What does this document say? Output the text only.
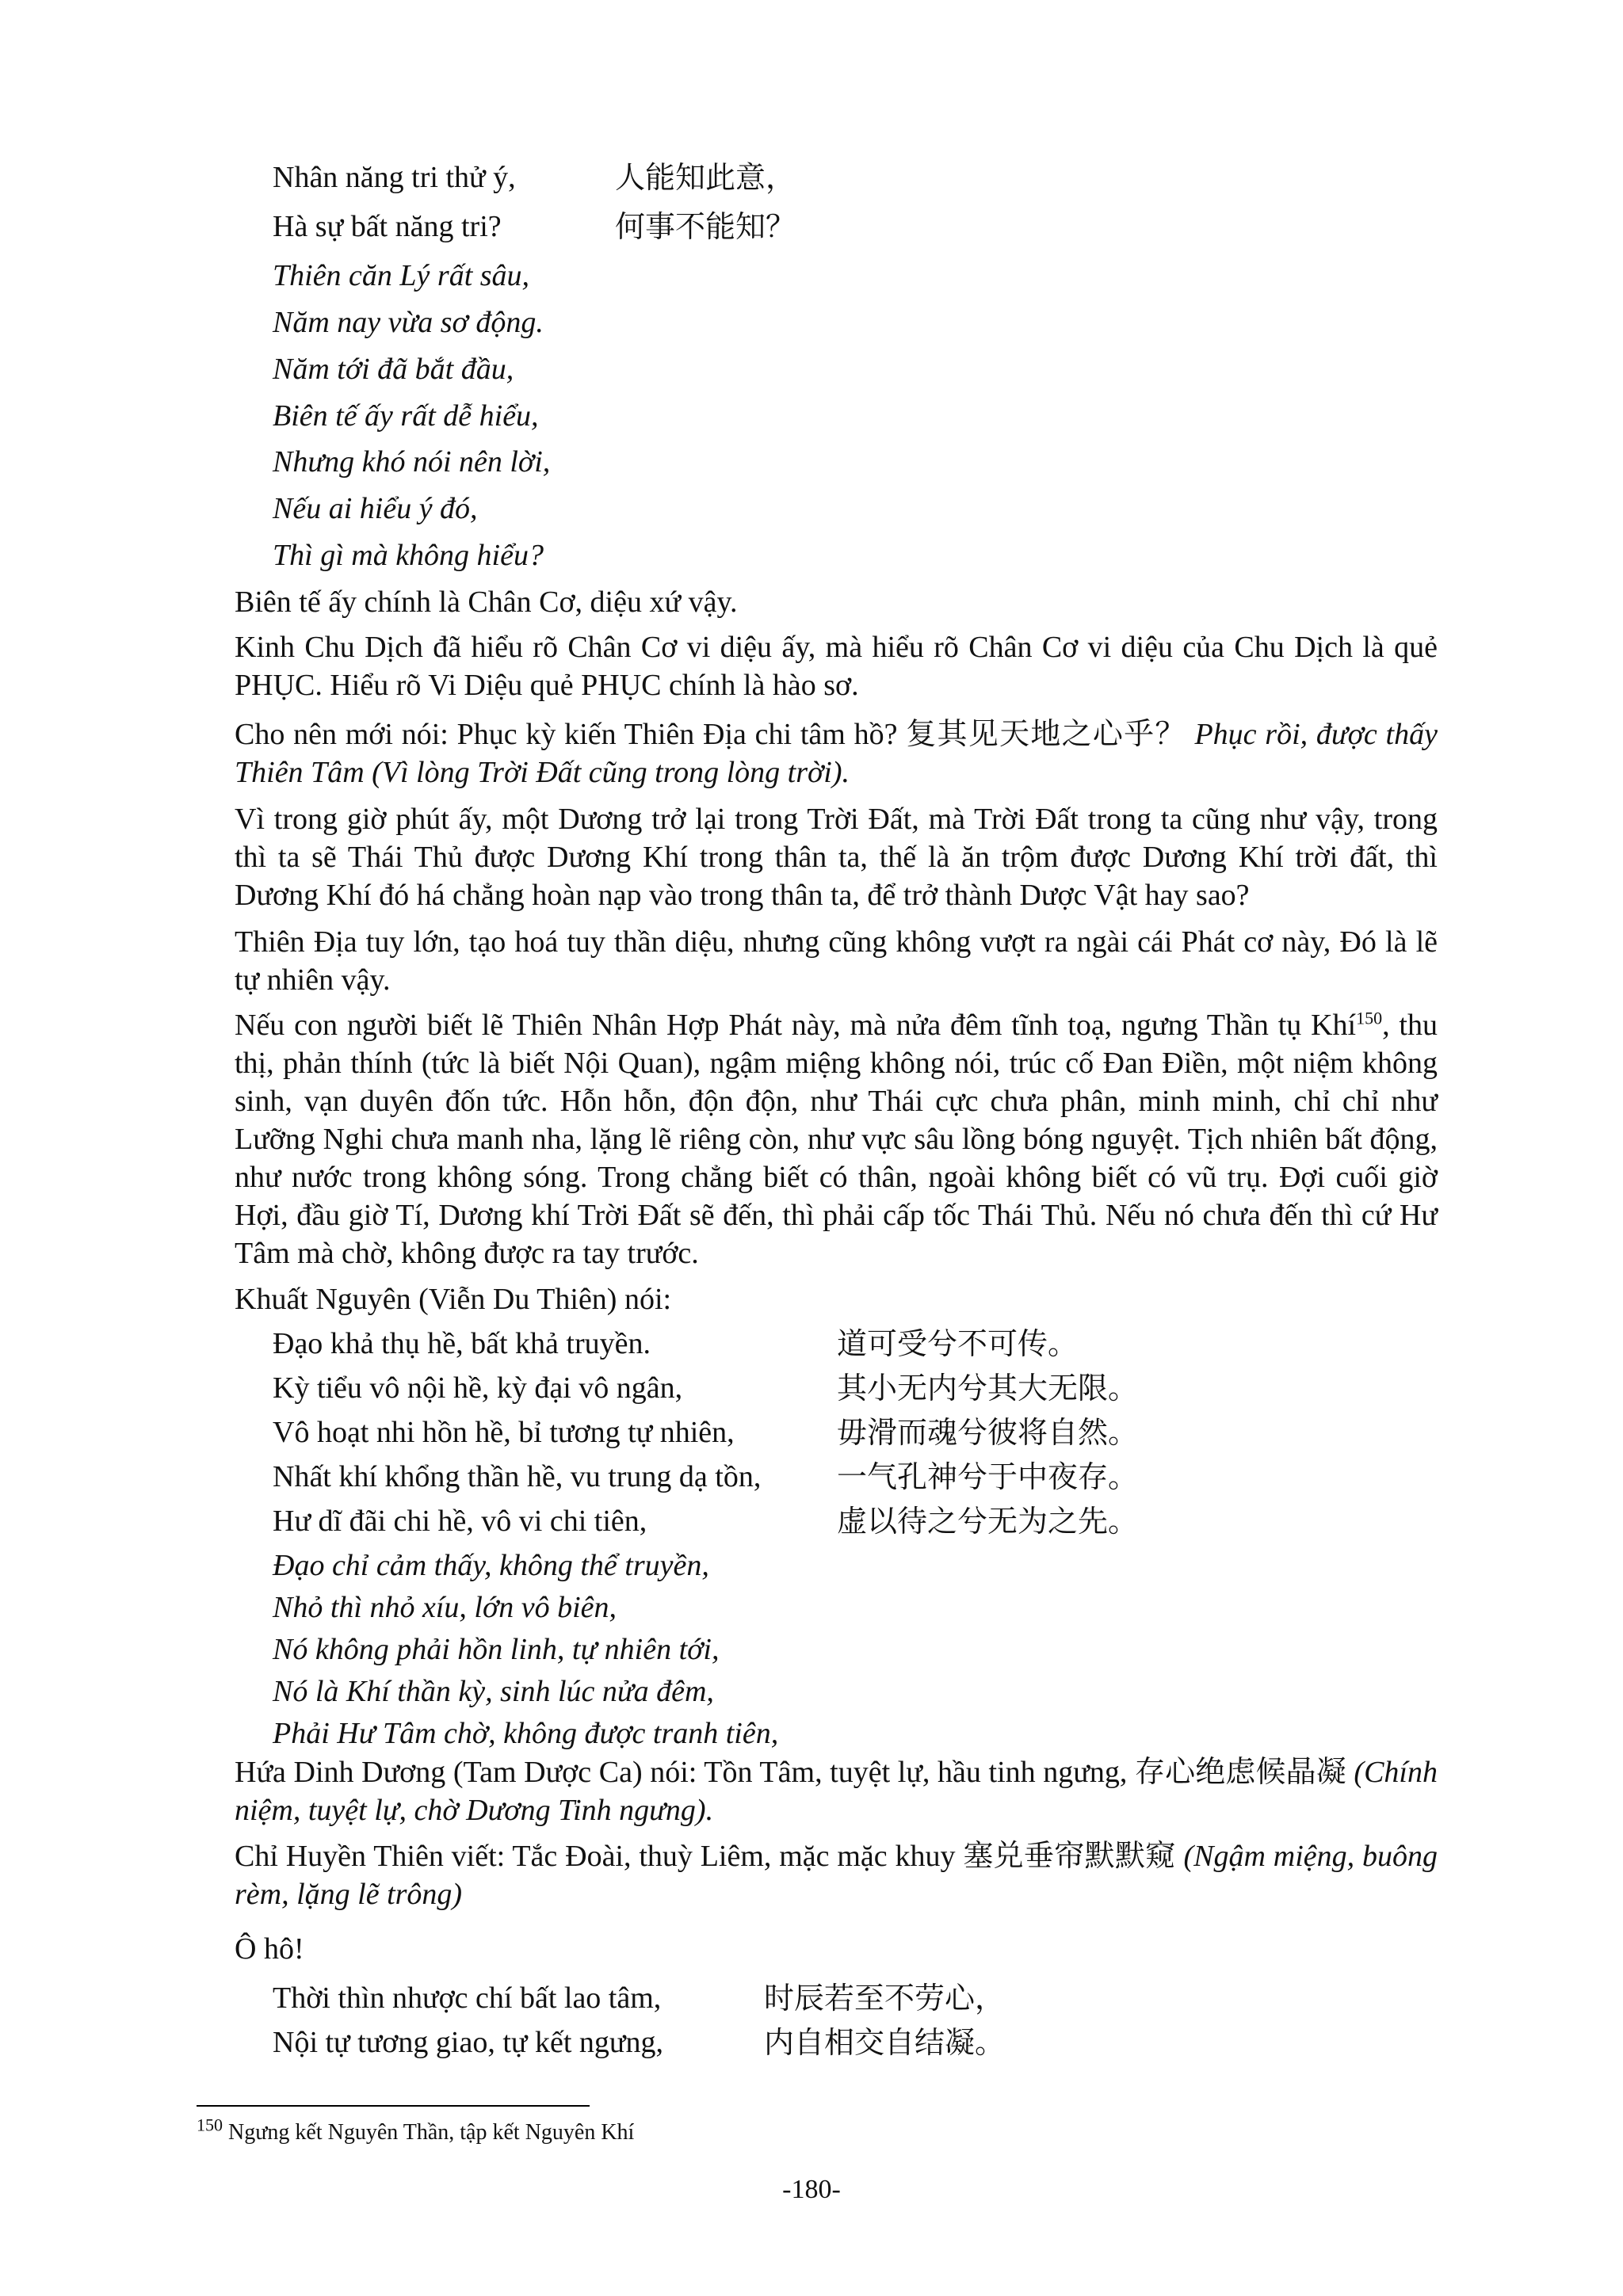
Nhân năng tri thử ý,	人能知此意，
Hà sự bất năng tri?	何事不能知？
Thiên căn Lý rất sâu,
Năm nay vừa sơ động.
Năm tới đã bắt đầu,
Biên tế ấy rất dễ hiểu,
Nhưng khó nói nên lời,
Nếu ai hiểu ý đó,
Thì gì mà không hiểu?
Biên tế ấy chính là Chân Cơ, diệu xứ vậy.
Kinh Chu Dịch đã hiểu rõ Chân Cơ vi diệu ấy, mà hiểu rõ Chân Cơ vi diệu của Chu Dịch là quẻ PHỤC. Hiểu rõ Vi Diệu quẻ PHỤC chính là hào sơ.
Cho nên mới nói: Phục kỳ kiến Thiên Địa chi tâm hồ? 复其见天地之心乎？ Phục rồi, được thấy Thiên Tâm (Vì lòng Trời Đất cũng trong lòng trời).
Vì trong giờ phút ấy, một Dương trở lại trong Trời Đất, mà Trời Đất trong ta cũng như vậy, trong thì ta sẽ Thái Thủ được Dương Khí trong thân ta, thế là ăn trộm được Dương Khí trời đất, thì Dương Khí đó há chẳng hoàn nạp vào trong thân ta, để trở thành Dược Vật hay sao?
Thiên Địa tuy lớn, tạo hoá tuy thần diệu, nhưng cũng không vượt ra ngài cái Phát cơ này, Đó là lẽ tự nhiên vậy.
Nếu con người biết lẽ Thiên Nhân Hợp Phát này, mà nửa đêm tĩnh toạ, ngưng Thần tụ Khí$^{150}$, thu thị, phản thính (tức là biết Nội Quan), ngậm miệng không nói, trúc cố Đan Điền, một niệm không sinh, vạn duyên đốn tức. Hỗn hỗn, độn độn, như Thái cực chưa phân, minh minh, chỉ chỉ như Lưỡng Nghi chưa manh nha, lặng lẽ riêng còn, như vực sâu lồng bóng nguyệt. Tịch nhiên bất động, như nước trong không sóng. Trong chẳng biết có thân, ngoài không biết có vũ trụ. Đợi cuối giờ Hợi, đầu giờ Tí, Dương khí Trời Đất sẽ đến, thì phải cấp tốc Thái Thủ. Nếu nó chưa đến thì cứ Hư Tâm mà chờ, không được ra tay trước.
Khuất Nguyên (Viễn Du Thiên) nói:
Đạo khả thụ hề, bất khả truyền.	道可受兮不可传。
Kỳ tiểu vô nội hề, kỳ đại vô ngân,	其小无内兮其大无限。
Vô hoạt nhi hồn hề, bỉ tương tự nhiên,	毋滑而魂兮彼将自然。
Nhất khí khổng thần hề, vu trung dạ tồn,	一气孔神兮于中夜存。
Hư dĩ đãi chi hề, vô vi chi tiên,	虚以待之兮无为之先。
Đạo chỉ cảm thấy, không thể truyền,
Nhỏ thì nhỏ xíu, lớn vô biên,
Nó không phải hồn linh, tự nhiên tới,
Nó là Khí thần kỳ, sinh lúc nửa đêm,
Phải Hư Tâm chờ, không được tranh tiên,
Hứa Dinh Dương (Tam Dược Ca) nói: Tồn Tâm, tuyệt lự, hầu tinh ngưng, 存心绝虑候晶凝 (Chính niệm, tuyệt lự, chờ Dương Tinh ngưng).
Chỉ Huyền Thiên viết: Tắc Đoài, thuỳ Liêm, mặc mặc khuy 塞兑垂帘默默窥 (Ngậm miệng, buông rèm, lặng lẽ trông)
Ô hô!
Thời thìn nhược chí bất lao tâm,	时辰若至不劳心，
Nội tự tương giao, tự kết ngưng,	内自相交自结凝。
$^{150}$ Ngưng kết Nguyên Thần, tập kết Nguyên Khí
-180-
